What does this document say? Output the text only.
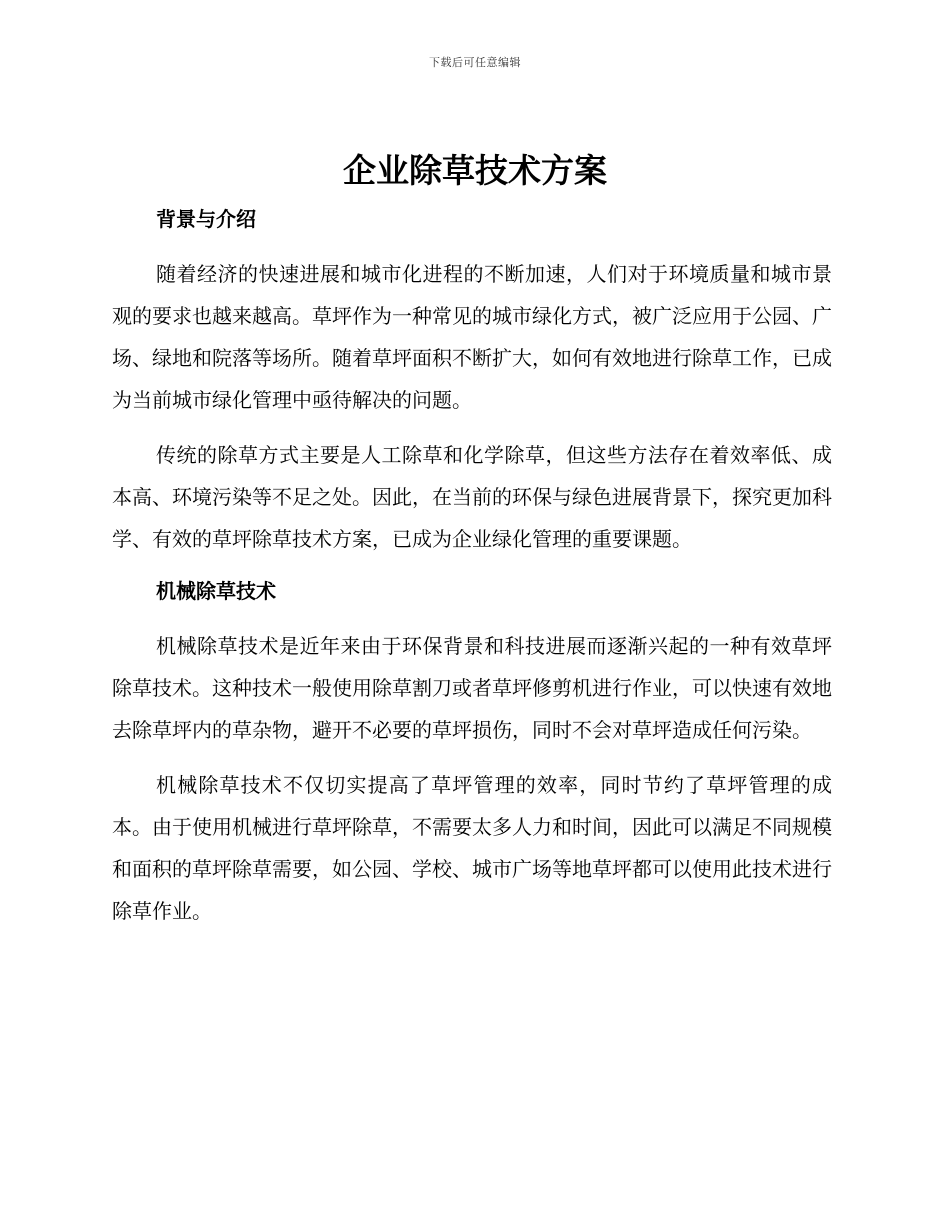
下载后可任意编辑
企业除草技术方案
背景与介绍

随着经济的快速进展和城市化进程的不断加速，人们对于环境质量和城市景观的要求也越来越高。草坪作为一种常见的城市绿化方式，被广泛应用于公园、广场、绿地和院落等场所。随着草坪面积不断扩大，如何有效地进行除草工作，已成为当前城市绿化管理中亟待解决的问题。

传统的除草方式主要是人工除草和化学除草，但这些方法存在着效率低、成本高、环境污染等不足之处。因此，在当前的环保与绿色进展背景下，探究更加科学、有效的草坪除草技术方案，已成为企业绿化管理的重要课题。

机械除草技术

机械除草技术是近年来由于环保背景和科技进展而逐渐兴起的一种有效草坪除草技术。这种技术一般使用除草割刀或者草坪修剪机进行作业，可以快速有效地去除草坪内的草杂物，避开不必要的草坪损伤，同时不会对草坪造成任何污染。

机械除草技术不仅切实提高了草坪管理的效率，同时节约了草坪管理的成本。由于使用机械进行草坪除草，不需要太多人力和时间，因此可以满足不同规模和面积的草坪除草需要，如公园、学校、城市广场等地草坪都可以使用此技术进行除草作业。
